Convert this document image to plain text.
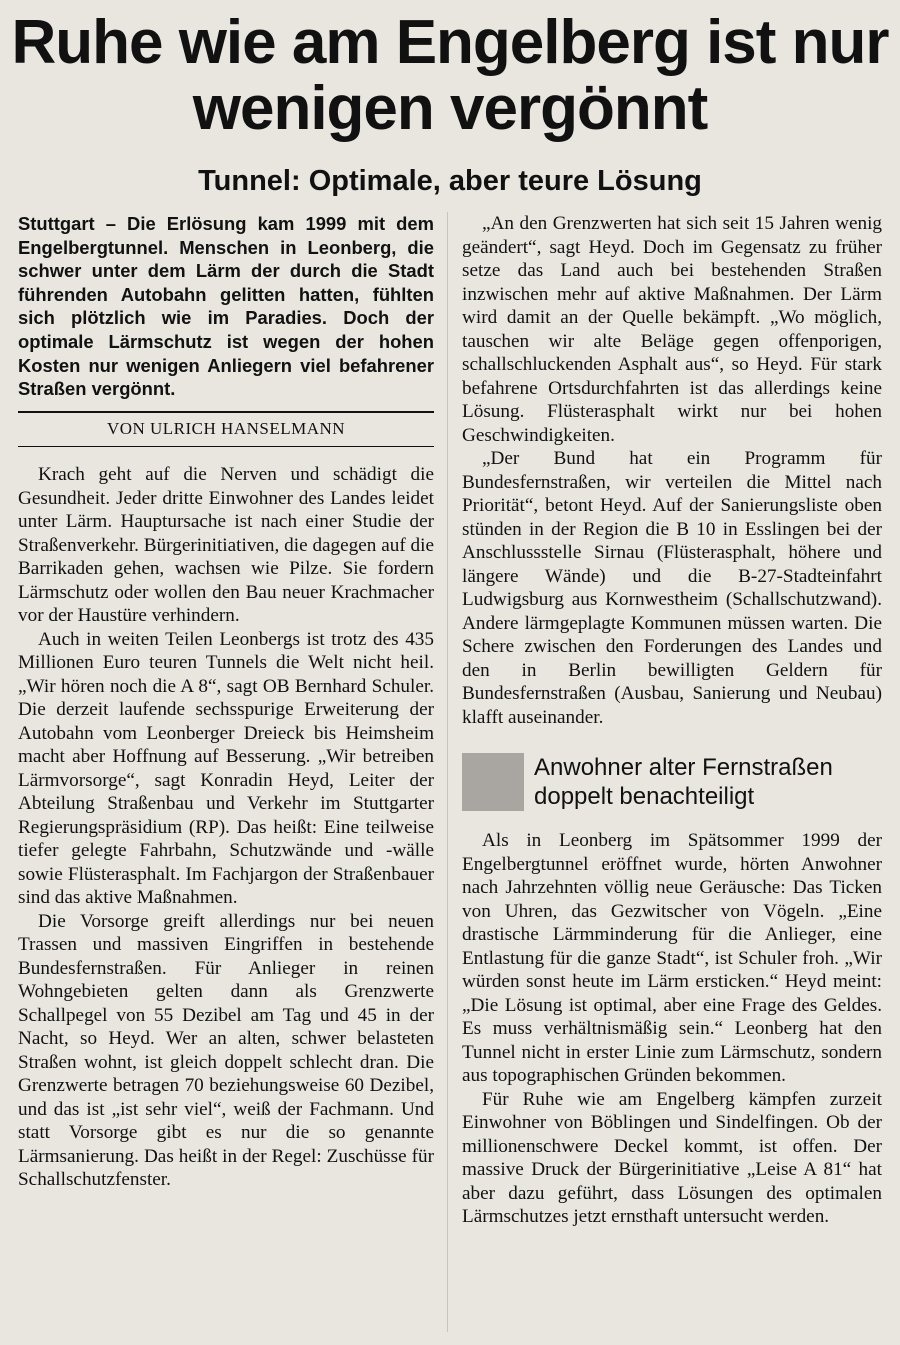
Ruhe wie am Engelberg ist nur wenigen vergönnt
Tunnel: Optimale, aber teure Lösung

Stuttgart – Die Erlösung kam 1999 mit dem Engelbergtunnel. Menschen in Leonberg, die schwer unter dem Lärm der durch die Stadt führenden Autobahn gelitten hatten, fühlten sich plötzlich wie im Paradies. Doch der optimale Lärmschutz ist wegen der hohen Kosten nur wenigen Anliegern viel befahrener Straßen vergönnt.

VON ULRICH HANSELMANN

Krach geht auf die Nerven und schädigt die Gesundheit. Jeder dritte Einwohner des Landes leidet unter Lärm. Hauptursache ist nach einer Studie der Straßenverkehr. Bürgerinitiativen, die dagegen auf die Barrikaden gehen, wachsen wie Pilze. Sie fordern Lärmschutz oder wollen den Bau neuer Krachmacher vor der Haustüre verhindern.

Auch in weiten Teilen Leonbergs ist trotz des 435 Millionen Euro teuren Tunnels die Welt nicht heil. „Wir hören noch die A 8“, sagt OB Bernhard Schuler. Die derzeit laufende sechsspurige Erweiterung der Autobahn vom Leonberger Dreieck bis Heimsheim macht aber Hoffnung auf Besserung. „Wir betreiben Lärmvorsorge“, sagt Konradin Heyd, Leiter der Abteilung Straßenbau und Verkehr im Stuttgarter Regierungspräsidium (RP). Das heißt: Eine teilweise tiefer gelegte Fahrbahn, Schutzwände und -wälle sowie Flüsterasphalt. Im Fachjargon der Straßenbauer sind das aktive Maßnahmen.

Die Vorsorge greift allerdings nur bei neuen Trassen und massiven Eingriffen in bestehende Bundesfernstraßen. Für Anlieger in reinen Wohngebieten gelten dann als Grenzwerte Schallpegel von 55 Dezibel am Tag und 45 in der Nacht, so Heyd. Wer an alten, schwer belasteten Straßen wohnt, ist gleich doppelt schlecht dran. Die Grenzwerte betragen 70 beziehungsweise 60 Dezibel, und das ist „ist sehr viel“, weiß der Fachmann. Und statt Vorsorge gibt es nur die so genannte Lärmsanierung. Das heißt in der Regel: Zuschüsse für Schallschutzfenster.

„An den Grenzwerten hat sich seit 15 Jahren wenig geändert“, sagt Heyd. Doch im Gegensatz zu früher setze das Land auch bei bestehenden Straßen inzwischen mehr auf aktive Maßnahmen. Der Lärm wird damit an der Quelle bekämpft. „Wo möglich, tauschen wir alte Beläge gegen offenporigen, schallschluckenden Asphalt aus“, so Heyd. Für stark befahrene Ortsdurchfahrten ist das allerdings keine Lösung. Flüsterasphalt wirkt nur bei hohen Geschwindigkeiten.

„Der Bund hat ein Programm für Bundesfernstraßen, wir verteilen die Mittel nach Priorität“, betont Heyd. Auf der Sanierungsliste oben stünden in der Region die B 10 in Esslingen bei der Anschlussstelle Sirnau (Flüsterasphalt, höhere und längere Wände) und die B-27-Stadteinfahrt Ludwigsburg aus Kornwestheim (Schallschutzwand). Andere lärmgeplagte Kommunen müssen warten. Die Schere zwischen den Forderungen des Landes und den in Berlin bewilligten Geldern für Bundesfernstraßen (Ausbau, Sanierung und Neubau) klafft auseinander.

Anwohner alter Fernstraßen
doppelt benachteiligt

Als in Leonberg im Spätsommer 1999 der Engelbergtunnel eröffnet wurde, hörten Anwohner nach Jahrzehnten völlig neue Geräusche: Das Ticken von Uhren, das Gezwitscher von Vögeln. „Eine drastische Lärmminderung für die Anlieger, eine Entlastung für die ganze Stadt“, ist Schuler froh. „Wir würden sonst heute im Lärm ersticken.“ Heyd meint: „Die Lösung ist optimal, aber eine Frage des Geldes. Es muss verhältnismäßig sein.“ Leonberg hat den Tunnel nicht in erster Linie zum Lärmschutz, sondern aus topographischen Gründen bekommen.

Für Ruhe wie am Engelberg kämpfen zurzeit Einwohner von Böblingen und Sindelfingen. Ob der millionenschwere Deckel kommt, ist offen. Der massive Druck der Bürgerinitiative „Leise A 81“ hat aber dazu geführt, dass Lösungen des optimalen Lärmschutzes jetzt ernsthaft untersucht werden.
